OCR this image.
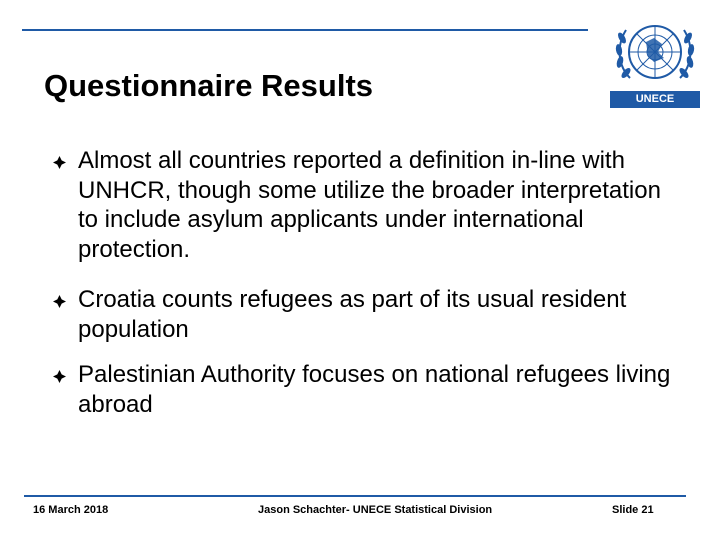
Questionnaire Results	UNECE
Almost all countries reported a definition in-line with UNHCR, though some utilize the broader interpretation to include asylum applicants under international protection.
Croatia counts refugees as part of its usual resident population
Palestinian Authority focuses on national refugees living abroad
16 March 2018	Jason Schachter- UNECE Statistical Division	Slide 21
